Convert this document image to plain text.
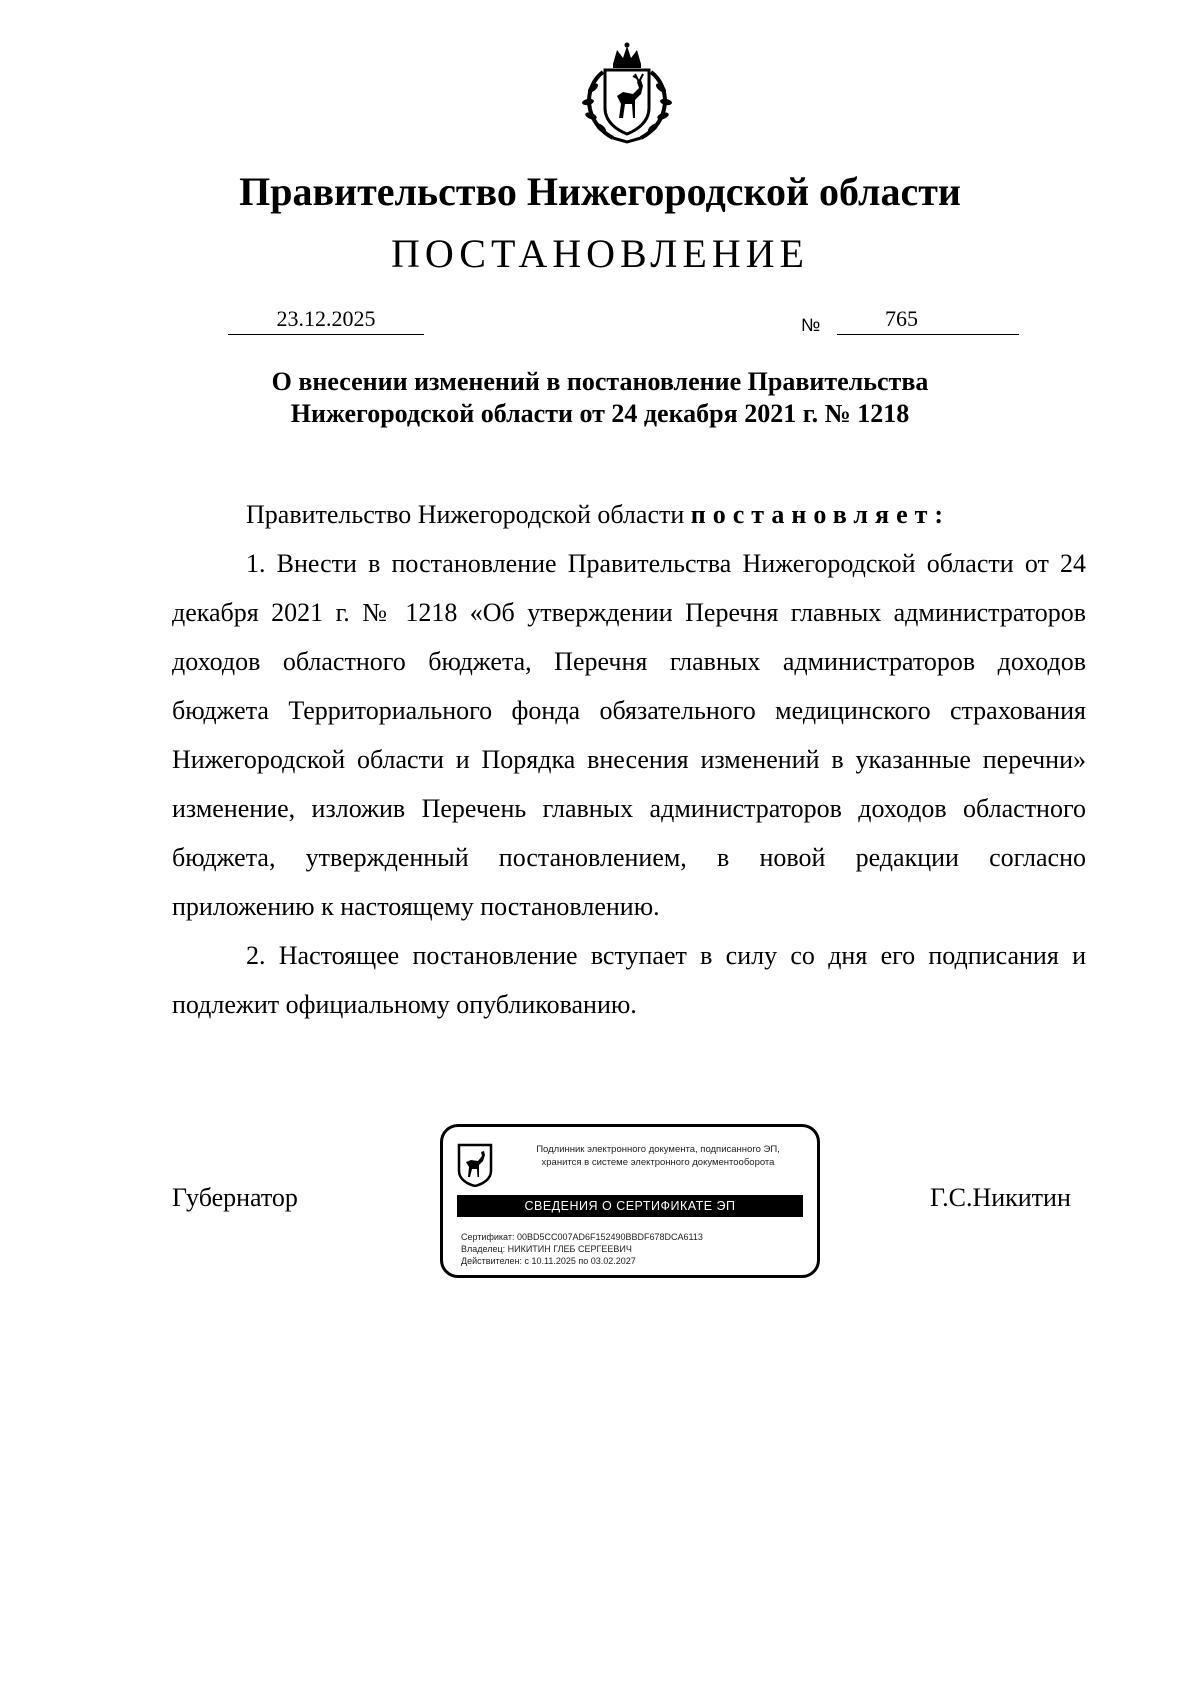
Правительство Нижегородской области
ПОСТАНОВЛЕНИЕ
23.12.2025	№	765
О внесении изменений в постановление Правительства
Нижегородской области от 24 декабря 2021 г. № 1218

Правительство Нижегородской области постановляет:

1. Внести в постановление Правительства Нижегородской области от 24 декабря 2021 г. № 1218 «Об утверждении Перечня главных администраторов доходов областного бюджета, Перечня главных администраторов доходов бюджета Территориального фонда обязательного медицинского страхования Нижегородской области и Порядка внесения изменений в указанные перечни» изменение, изложив Перечень главных администраторов доходов областного бюджета, утвержденный постановлением, в новой редакции согласно приложению к настоящему постановлению.

2. Настоящее постановление вступает в силу со дня его подписания и подлежит официальному опубликованию.

Губернатор	Г.С.Никитин
Подлинник электронного документа, подписанного ЭП,
хранится в системе электронного документооборота
СВЕДЕНИЯ О СЕРТИФИКАТЕ ЭП
Сертификат: 00BD5CC007AD6F152490BBDF678DCA6113
Владелец: НИКИТИН ГЛЕБ СЕРГЕЕВИЧ
Действителен: с 10.11.2025 по 03.02.2027
